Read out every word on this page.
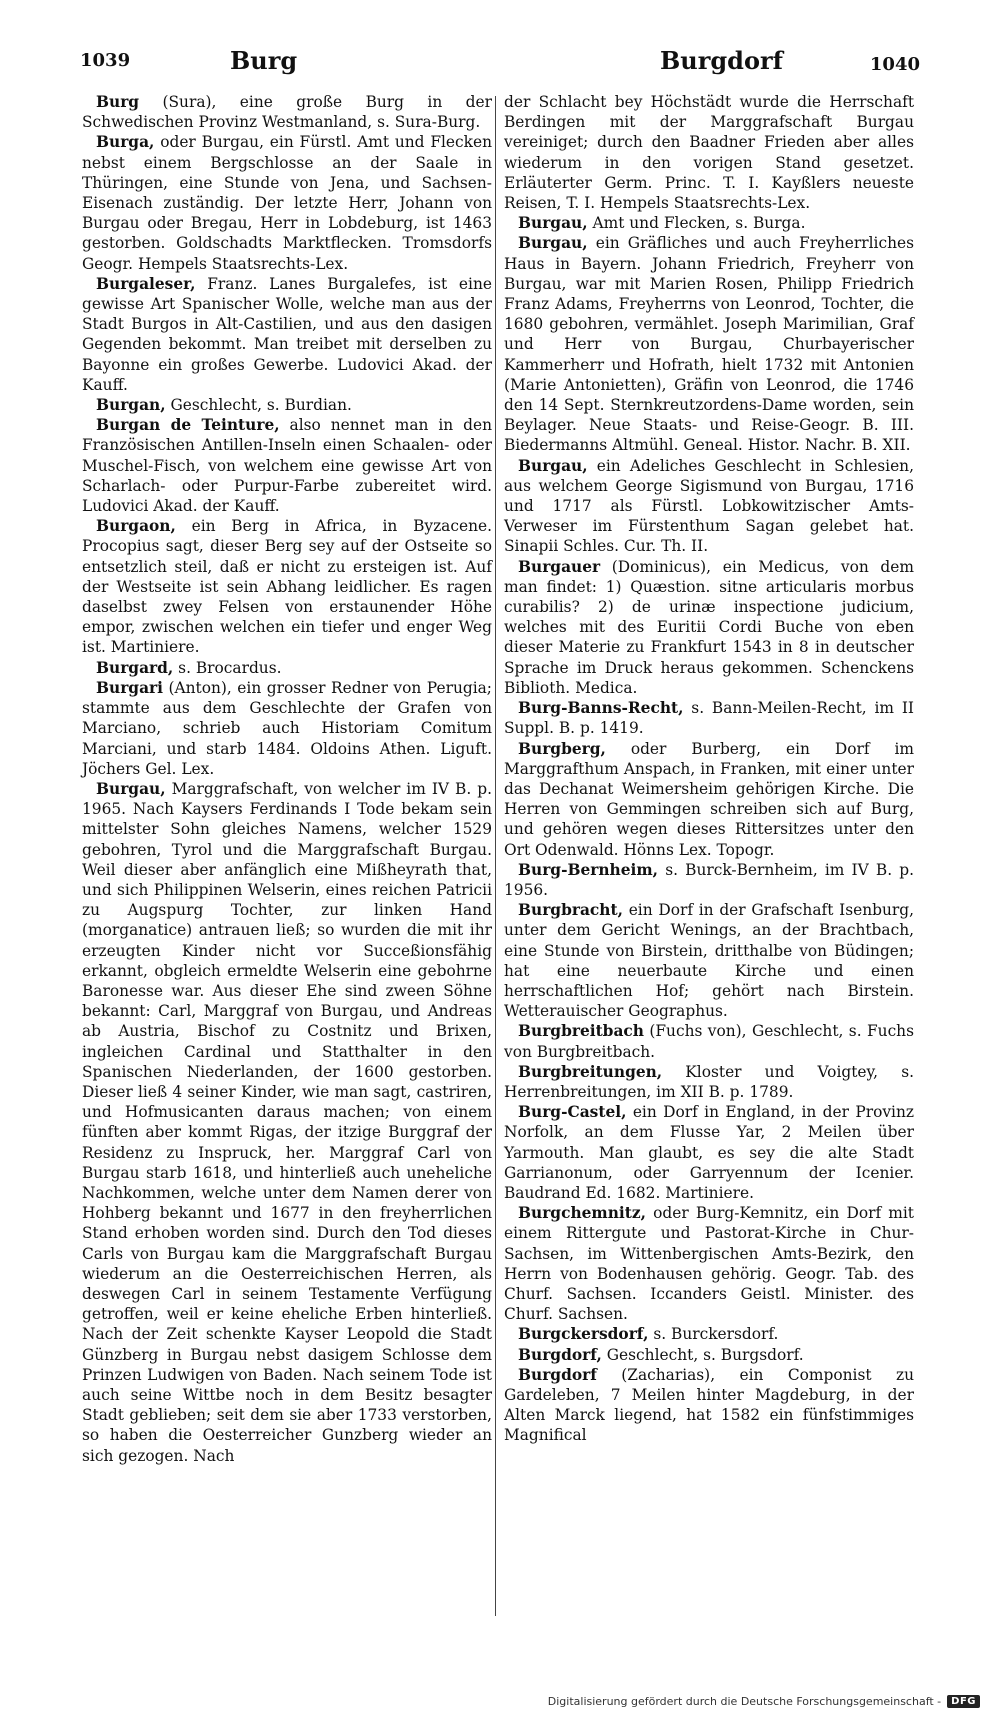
1039	Burg	Burgdorf	1040

Burg (Sura), eine große Burg in der Schwedischen Provinz Westmanland, s. Sura-Burg.

Burga, oder Burgau, ein Fürstl. Amt und Flecken nebst einem Bergschlosse an der Saale in Thüringen, eine Stunde von Jena, und Sachsen-Eisenach zuständig. Der letzte Herr, Johann von Burgau oder Bregau, Herr in Lobdeburg, ist 1463 gestorben. Goldschadts Marktflecken. Tromsdorfs Geogr. Hempels Staatsrechts-Lex.

Burgaleser, Franz. Lanes Burgalefes, ist eine gewisse Art Spanischer Wolle, welche man aus der Stadt Burgos in Alt-Castilien, und aus den dasigen Gegenden bekommt. Man treibet mit derselben zu Bayonne ein großes Gewerbe. Ludovici Akad. der Kauff.

Burgan, Geschlecht, s. Burdian.

Burgan de Teinture, also nennet man in den Französischen Antillen-Inseln einen Schaalen- oder Muschel-Fisch, von welchem eine gewisse Art von Scharlach- oder Purpur-Farbe zubereitet wird. Ludovici Akad. der Kauff.

Burgaon, ein Berg in Africa, in Byzacene. Procopius sagt, dieser Berg sey auf der Ostseite so entsetzlich steil, daß er nicht zu ersteigen ist. Auf der Westseite ist sein Abhang leidlicher. Es ragen daselbst zwey Felsen von erstaunender Höhe empor, zwischen welchen ein tiefer und enger Weg ist. Martiniere.

Burgard, s. Brocardus.

Burgari (Anton), ein grosser Redner von Perugia; stammte aus dem Geschlechte der Grafen von Marciano, schrieb auch Historiam Comitum Marciani, und starb 1484. Oldoins Athen. Liguft. Jöchers Gel. Lex.

Burgau, Marggrafschaft, von welcher im IV B. p. 1965. Nach Kaysers Ferdinands I Tode bekam sein mittelster Sohn gleiches Namens, welcher 1529 gebohren, Tyrol und die Marggrafschaft Burgau. Weil dieser aber anfänglich eine Mißheyrath that, und sich Philippinen Welserin, eines reichen Patricii zu Augspurg Tochter, zur linken Hand (morganatice) antrauen ließ; so wurden die mit ihr erzeugten Kinder nicht vor Succeßionsfähig erkannt, obgleich ermeldte Welserin eine gebohrne Baronesse war. Aus dieser Ehe sind zween Söhne bekannt: Carl, Marggraf von Burgau, und Andreas ab Austria, Bischof zu Costnitz und Brixen, ingleichen Cardinal und Statthalter in den Spanischen Niederlanden, der 1600 gestorben. Dieser ließ 4 seiner Kinder, wie man sagt, castriren, und Hofmusicanten daraus machen; von einem fünften aber kommt Rigas, der itzige Burggraf der Residenz zu Inspruck, her. Marggraf Carl von Burgau starb 1618, und hinterließ auch uneheliche Nachkommen, welche unter dem Namen derer von Hohberg bekannt und 1677 in den freyherrlichen Stand erhoben worden sind. Durch den Tod dieses Carls von Burgau kam die Marggrafschaft Burgau wiederum an die Oesterreichischen Herren, als deswegen Carl in seinem Testamente Verfügung getroffen, weil er keine eheliche Erben hinterließ. Nach der Zeit schenkte Kayser Leopold die Stadt Günzberg in Burgau nebst dasigem Schlosse dem Prinzen Ludwigen von Baden. Nach seinem Tode ist auch seine Wittbe noch in dem Besitz besagter Stadt geblieben; seit dem sie aber 1733 verstorben, so haben die Oesterreicher Gunzberg wieder an sich gezogen. Nach

der Schlacht bey Höchstädt wurde die Herrschaft Berdingen mit der Marggrafschaft Burgau vereiniget; durch den Baadner Frieden aber alles wiederum in den vorigen Stand gesetzet. Erläuterter Germ. Princ. T. I. Kayßlers neueste Reisen, T. I. Hempels Staatsrechts-Lex.

Burgau, Amt und Flecken, s. Burga.

Burgau, ein Gräfliches und auch Freyherrliches Haus in Bayern. Johann Friedrich, Freyherr von Burgau, war mit Marien Rosen, Philipp Friedrich Franz Adams, Freyherrns von Leonrod, Tochter, die 1680 gebohren, vermählet. Joseph Marimilian, Graf und Herr von Burgau, Churbayerischer Kammerherr und Hofrath, hielt 1732 mit Antonien (Marie Antonietten), Gräfin von Leonrod, die 1746 den 14 Sept. Sternkreutzordens-Dame worden, sein Beylager. Neue Staats- und Reise-Geogr. B. III. Biedermanns Altmühl. Geneal. Histor. Nachr. B. XII.

Burgau, ein Adeliches Geschlecht in Schlesien, aus welchem George Sigismund von Burgau, 1716 und 1717 als Fürstl. Lobkowitzischer Amts-Verweser im Fürstenthum Sagan gelebet hat. Sinapii Schles. Cur. Th. II.

Burgauer (Dominicus), ein Medicus, von dem man findet: 1) Quæstion. sitne articularis morbus curabilis? 2) de urinæ inspectione judicium, welches mit des Euritii Cordi Buche von eben dieser Materie zu Frankfurt 1543 in 8 in deutscher Sprache im Druck heraus gekommen. Schenckens Biblioth. Medica.

Burg-Banns-Recht, s. Bann-Meilen-Recht, im II Suppl. B. p. 1419.

Burgberg, oder Burberg, ein Dorf im Marggrafthum Anspach, in Franken, mit einer unter das Dechanat Weimersheim gehörigen Kirche. Die Herren von Gemmingen schreiben sich auf Burg, und gehören wegen dieses Rittersitzes unter den Ort Odenwald. Hönns Lex. Topogr.

Burg-Bernheim, s. Burck-Bernheim, im IV B. p. 1956.

Burgbracht, ein Dorf in der Grafschaft Isenburg, unter dem Gericht Wenings, an der Brachtbach, eine Stunde von Birstein, dritthalbe von Büdingen; hat eine neuerbaute Kirche und einen herrschaftlichen Hof; gehört nach Birstein. Wetterauischer Geographus.

Burgbreitbach (Fuchs von), Geschlecht, s. Fuchs von Burgbreitbach.

Burgbreitungen, Kloster und Voigtey, s. Herrenbreitungen, im XII B. p. 1789.

Burg-Castel, ein Dorf in England, in der Provinz Norfolk, an dem Flusse Yar, 2 Meilen über Yarmouth. Man glaubt, es sey die alte Stadt Garrianonum, oder Garryennum der Icenier. Baudrand Ed. 1682. Martiniere.

Burgchemnitz, oder Burg-Kemnitz, ein Dorf mit einem Rittergute und Pastorat-Kirche in Chur-Sachsen, im Wittenbergischen Amts-Bezirk, den Herrn von Bodenhausen gehörig. Geogr. Tab. des Churf. Sachsen. Iccanders Geistl. Minister. des Churf. Sachsen.

Burgckersdorf, s. Burckersdorf.

Burgdorf, Geschlecht, s. Burgsdorf.

Burgdorf (Zacharias), ein Componist zu Gardeleben, 7 Meilen hinter Magdeburg, in der Alten Marck liegend, hat 1582 ein fünfstimmiges Magnifical

Digitalisierung gefördert durch die Deutsche Forschungsgemeinschaft -	DFG
